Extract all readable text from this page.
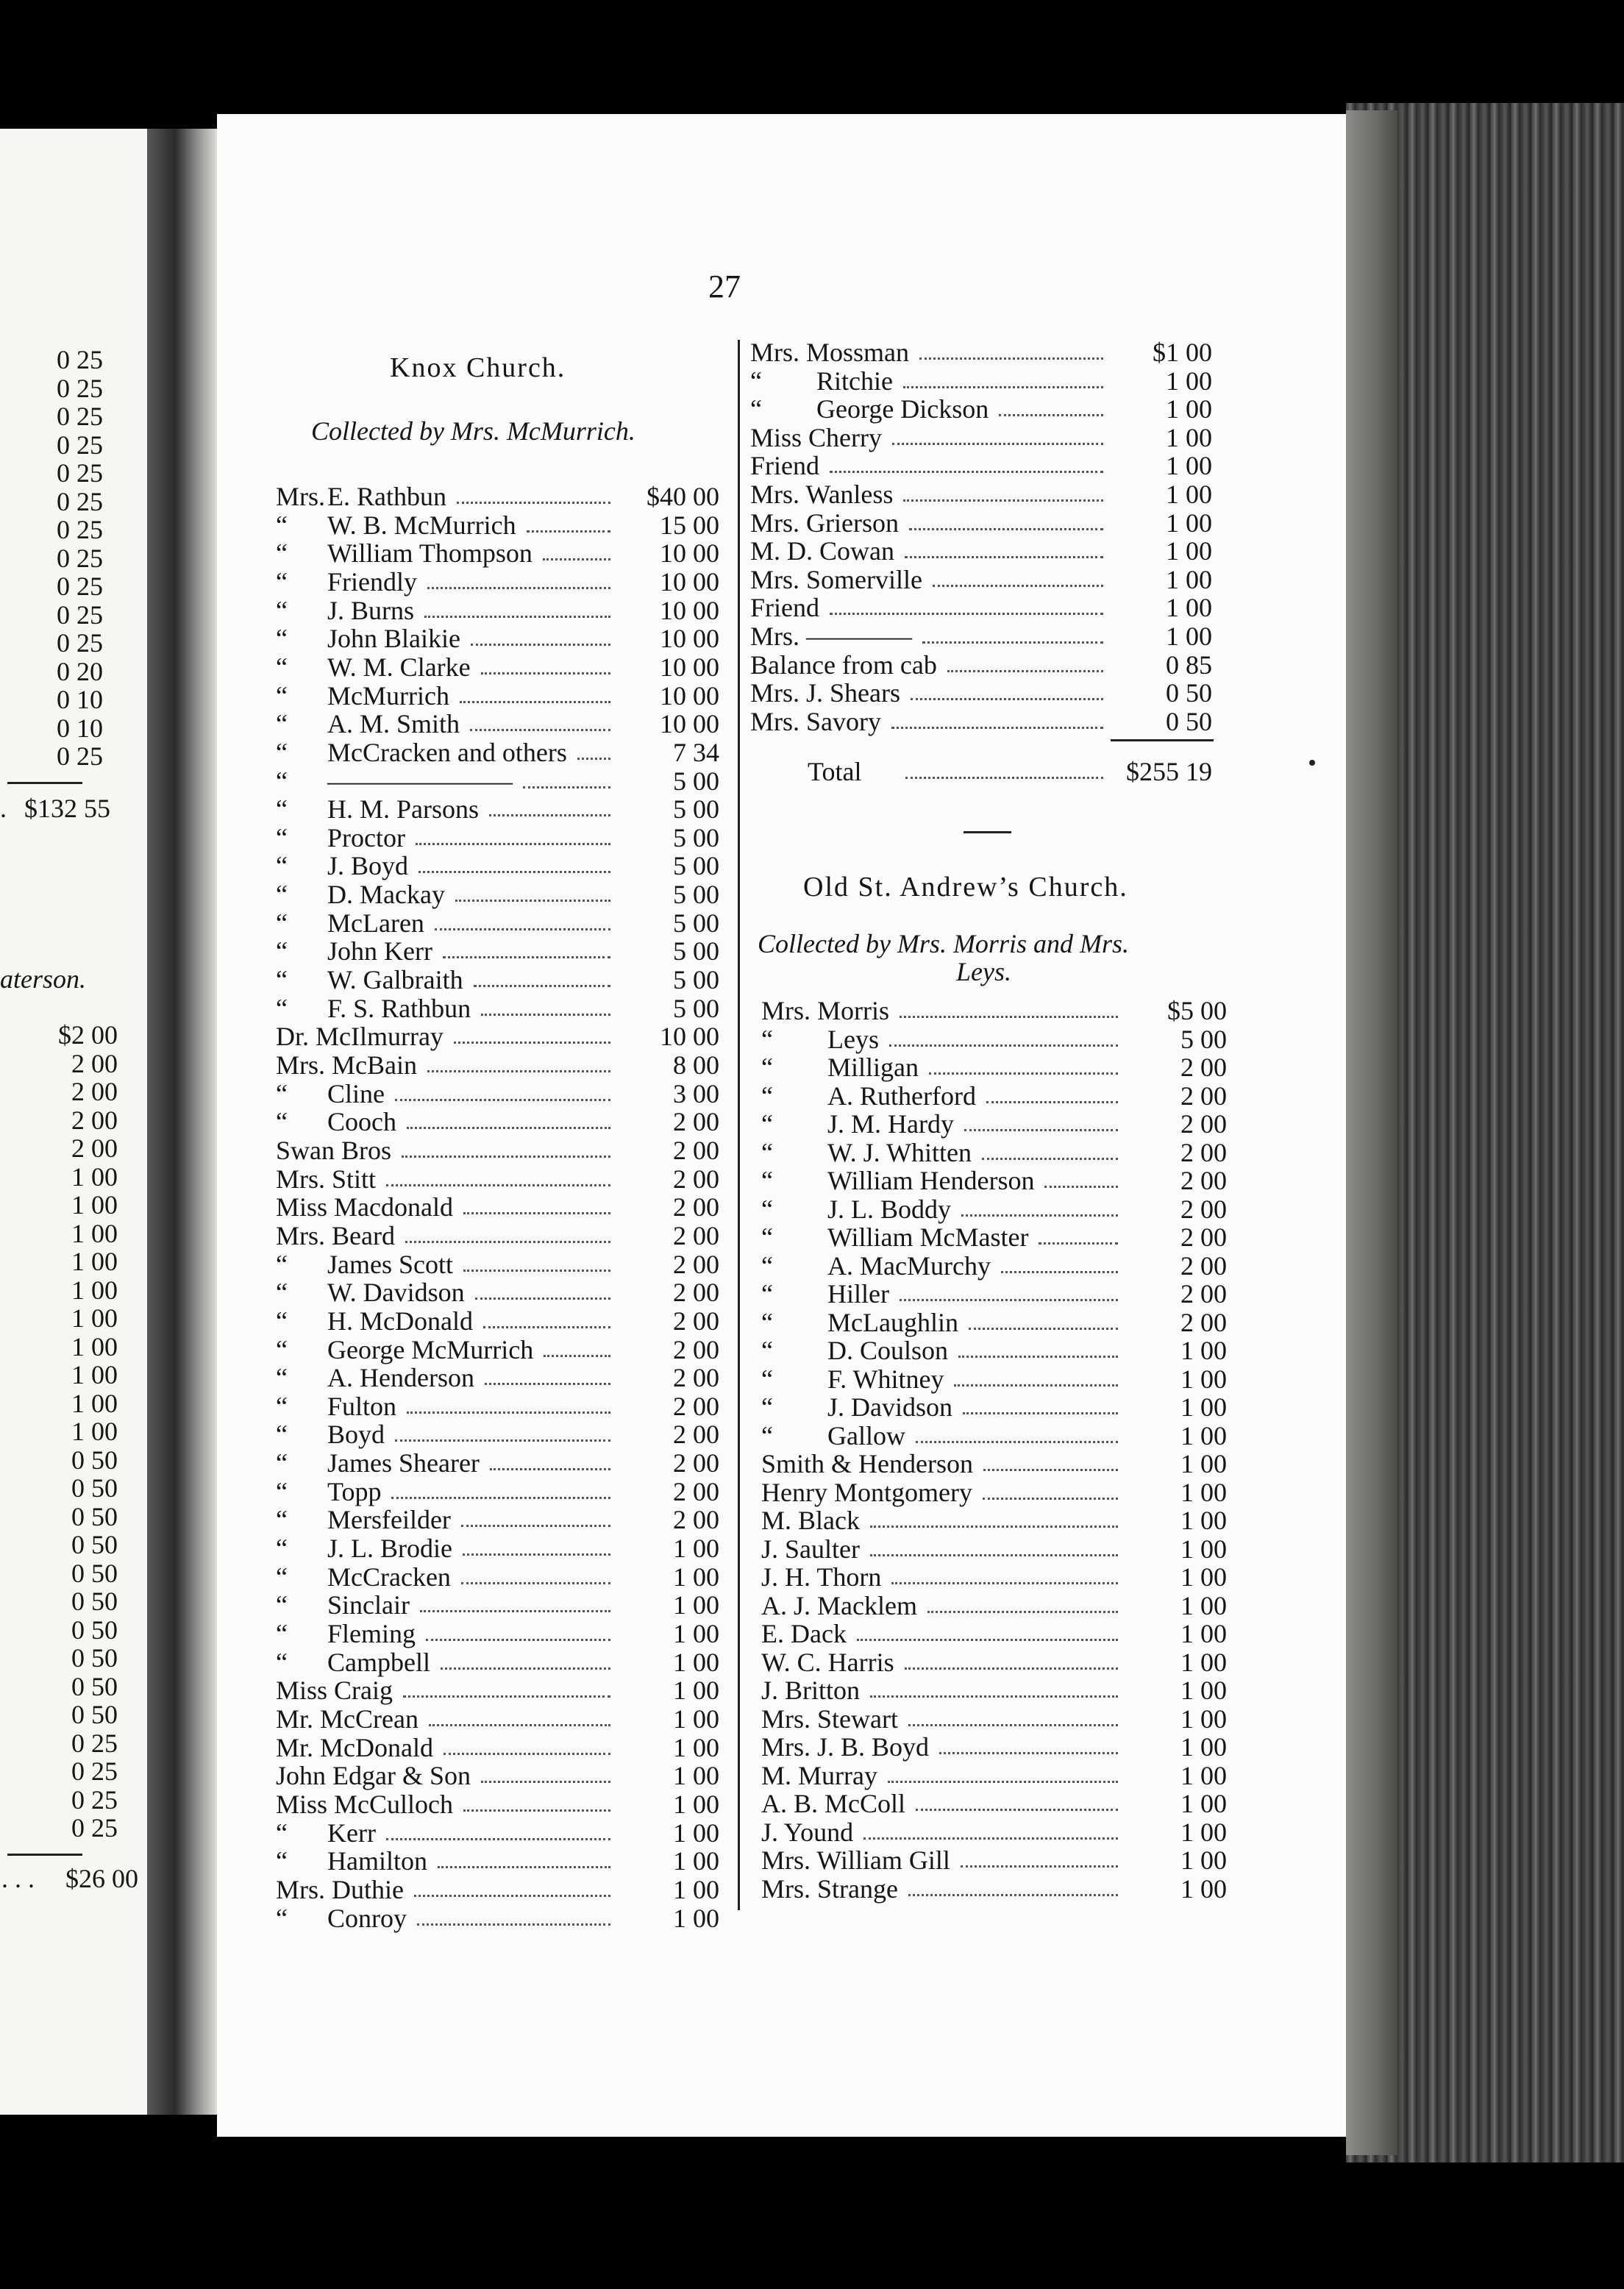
27
Knox Church.
Collected by Mrs. McMurrich.
Old St. Andrew’s Church.
Collected by Mrs. Morris and Mrs.
Leys.
Mrs. E. Rathbun	$40 00
“ W. B. McMurrich	15 00
“ William Thompson	10 00
“ Friendly	10 00
“ J. Burns	10 00
“ John Blaikie	10 00
“ W. M. Clarke	10 00
“ McMurrich	10 00
“ A. M. Smith	10 00
“ McCracken and others	7 34
“ ———————	5 00
“ H. M. Parsons	5 00
“ Proctor	5 00
“ J. Boyd	5 00
“ D. Mackay	5 00
“ McLaren	5 00
“ John Kerr	5 00
“ W. Galbraith	5 00
“ F. S. Rathbun	5 00
Dr. McIlmurray	10 00
Mrs. McBain	8 00
“ Cline	3 00
“ Cooch	2 00
Swan Bros	2 00
Mrs. Stitt	2 00
Miss Macdonald	2 00
Mrs. Beard	2 00
“ James Scott	2 00
“ W. Davidson	2 00
“ H. McDonald	2 00
“ George McMurrich	2 00
“ A. Henderson	2 00
“ Fulton	2 00
“ Boyd	2 00
“ James Shearer	2 00
“ Topp	2 00
“ Mersfeilder	2 00
“ J. L. Brodie	1 00
“ McCracken	1 00
“ Sinclair	1 00
“ Fleming	1 00
“ Campbell	1 00
Miss Craig	1 00
Mr. McCrean	1 00
Mr. McDonald	1 00
John Edgar & Son	1 00
Miss McCulloch	1 00
“ Kerr	1 00
“ Hamilton	1 00
Mrs. Duthie	1 00
“ Conroy	1 00
Mrs. Mossman	$1 00
“ Ritchie	1 00
“ George Dickson	1 00
Miss Cherry	1 00
Friend	1 00
Mrs. Wanless	1 00
Mrs. Grierson	1 00
M. D. Cowan	1 00
Mrs. Somerville	1 00
Friend	1 00
Mrs. ————	1 00
Balance from cab	0 85
Mrs. J. Shears	0 50
Mrs. Savory	0 50
Total	$255 19
Mrs. Morris	$5 00
“ Leys	5 00
“ Milligan	2 00
“ A. Rutherford	2 00
“ J. M. Hardy	2 00
“ W. J. Whitten	2 00
“ William Henderson	2 00
“ J. L. Boddy	2 00
“ William McMaster	2 00
“ A. MacMurchy	2 00
“ Hiller	2 00
“ McLaughlin	2 00
“ D. Coulson	1 00
“ F. Whitney	1 00
“ J. Davidson	1 00
“ Gallow	1 00
Smith & Henderson	1 00
Henry Montgomery	1 00
M. Black	1 00
J. Saulter	1 00
J. H. Thorn	1 00
A. J. Macklem	1 00
E. Dack	1 00
W. C. Harris	1 00
J. Britton	1 00
Mrs. Stewart	1 00
Mrs. J. B. Boyd	1 00
M. Murray	1 00
A. B. McColl	1 00
J. Yound	1 00
Mrs. William Gill	1 00
Mrs. Strange	1 00
0 25
0 25
0 25
0 25
0 25
0 25
0 25
0 25
0 25
0 25
0 25
0 20
0 10
0 10
0 25
$132 55
.
aterson.
$2 00
2 00
2 00
2 00
2 00
1 00
1 00
1 00
1 00
1 00
1 00
1 00
1 00
1 00
1 00
0 50
0 50
0 50
0 50
0 50
0 50
0 50
0 50
0 50
0 50
0 25
0 25
0 25
0 25
$26 00
. . .
